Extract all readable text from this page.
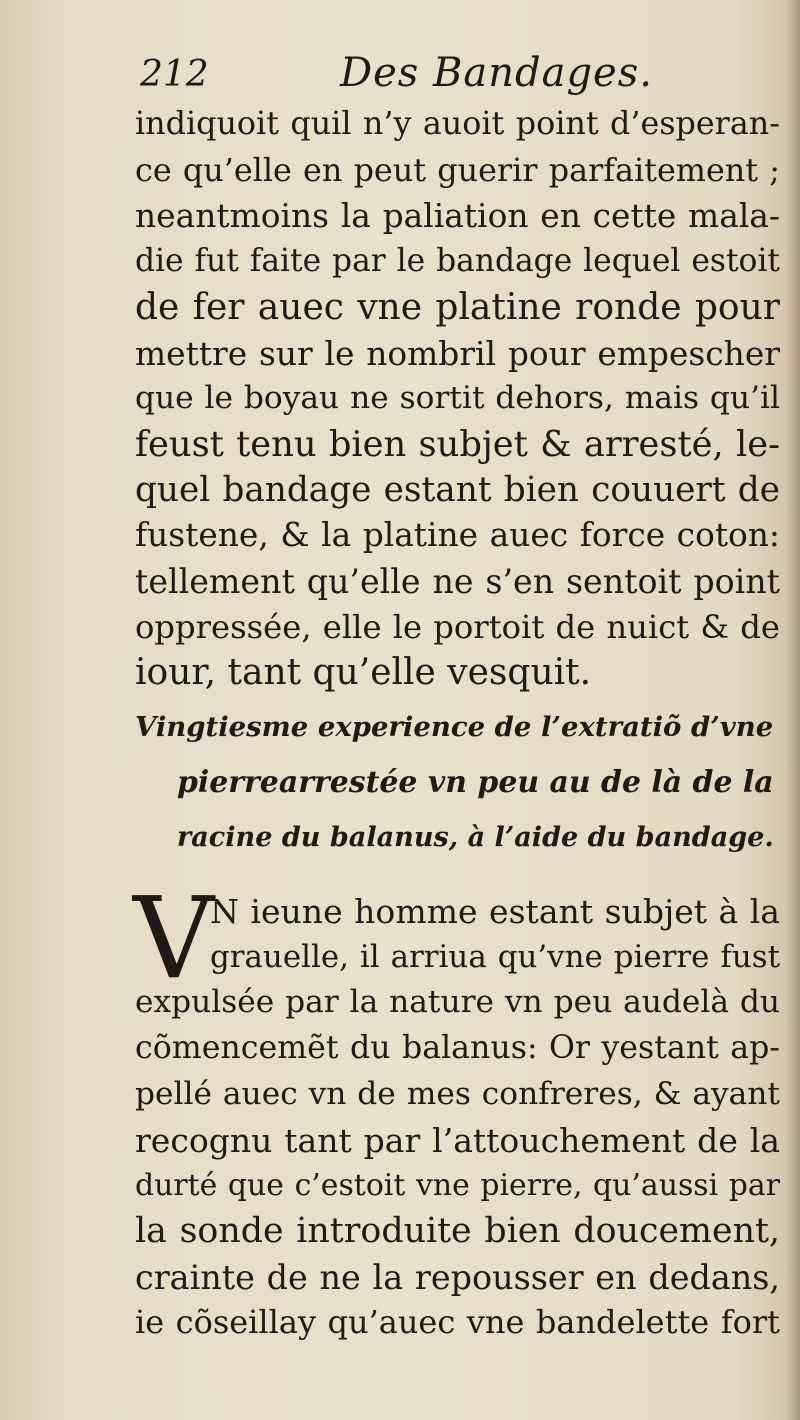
212	Des Bandages.
indiquoit quil n’y auoit point d’esperan-
ce qu’elle en peut guerir parfaitement ;
neantmoins la paliation en cette mala-
die fut faite par le bandage lequel estoit
de fer auec vne platine ronde pour
mettre sur le nombril pour empescher
que le boyau ne sortit dehors, mais qu’il
feust tenu bien subjet & arresté, le-
quel bandage estant bien couuert de
fustene, & la platine auec force coton:
tellement qu’elle ne s’en sentoit point
oppressée, elle le portoit de nuict & de
iour, tant qu’elle vesquit.
Vingtiesme experience de l’extratiõ d’vne
pierrearrestée vn peu au de là de la
racine du balanus, à l’aide du bandage.
V
N ieune homme estant subjet à la
grauelle, il arriua qu’vne pierre fust
expulsée par la nature vn peu audelà du
cõmencemẽt du balanus: Or yestant ap-
pellé auec vn de mes confreres, & ayant
recognu tant par l’attouchement de la
durté que c’estoit vne pierre, qu’aussi par
la sonde introduite bien doucement,
crainte de ne la repousser en dedans,
ie cõseillay qu’auec vne bandelette fort
